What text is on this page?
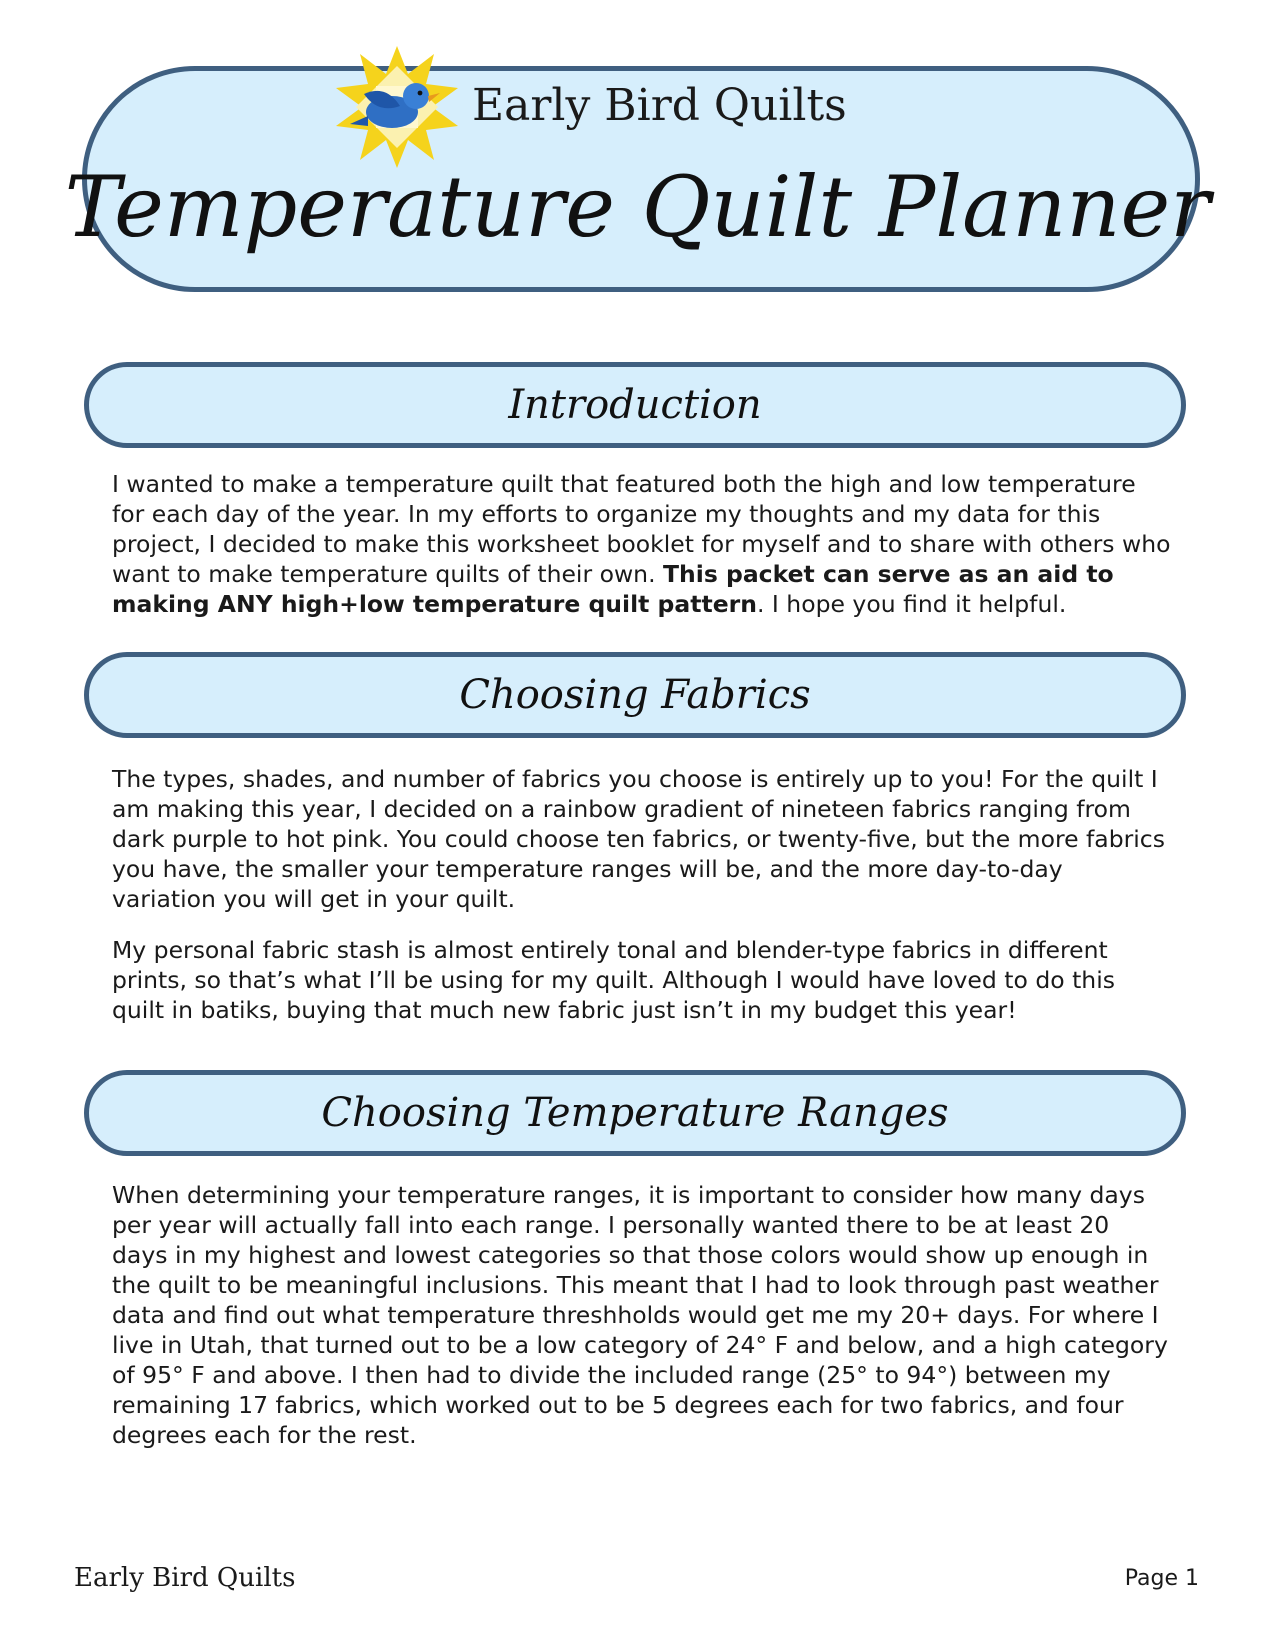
Early Bird Quilts
Temperature Quilt Planner
Introduction

I wanted to make a temperature quilt that featured both the high and low temperature for each day of the year. In my efforts to organize my thoughts and my data for this project, I decided to make this worksheet booklet for myself and to share with others who want to make temperature quilts of their own. This packet can serve as an aid to making ANY high+low temperature quilt pattern. I hope you find it helpful.

Choosing Fabrics

The types, shades, and number of fabrics you choose is entirely up to you! For the quilt I am making this year, I decided on a rainbow gradient of nineteen fabrics ranging from dark purple to hot pink. You could choose ten fabrics, or twenty-five, but the more fabrics you have, the smaller your temperature ranges will be, and the more day-to-day variation you will get in your quilt.

My personal fabric stash is almost entirely tonal and blender-type fabrics in different prints, so that’s what I’ll be using for my quilt. Although I would have loved to do this quilt in batiks, buying that much new fabric just isn’t in my budget this year!

Choosing Temperature Ranges

When determining your temperature ranges, it is important to consider how many days per year will actually fall into each range. I personally wanted there to be at least 20 days in my highest and lowest categories so that those colors would show up enough in the quilt to be meaningful inclusions. This meant that I had to look through past weather data and find out what temperature threshholds would get me my 20+ days. For where I live in Utah, that turned out to be a low category of 24° F and below, and a high category of 95° F and above. I then had to divide the included range (25° to 94°) between my remaining 17 fabrics, which worked out to be 5 degrees each for two fabrics, and four degrees each for the rest.

Early Bird Quilts	Page 1
